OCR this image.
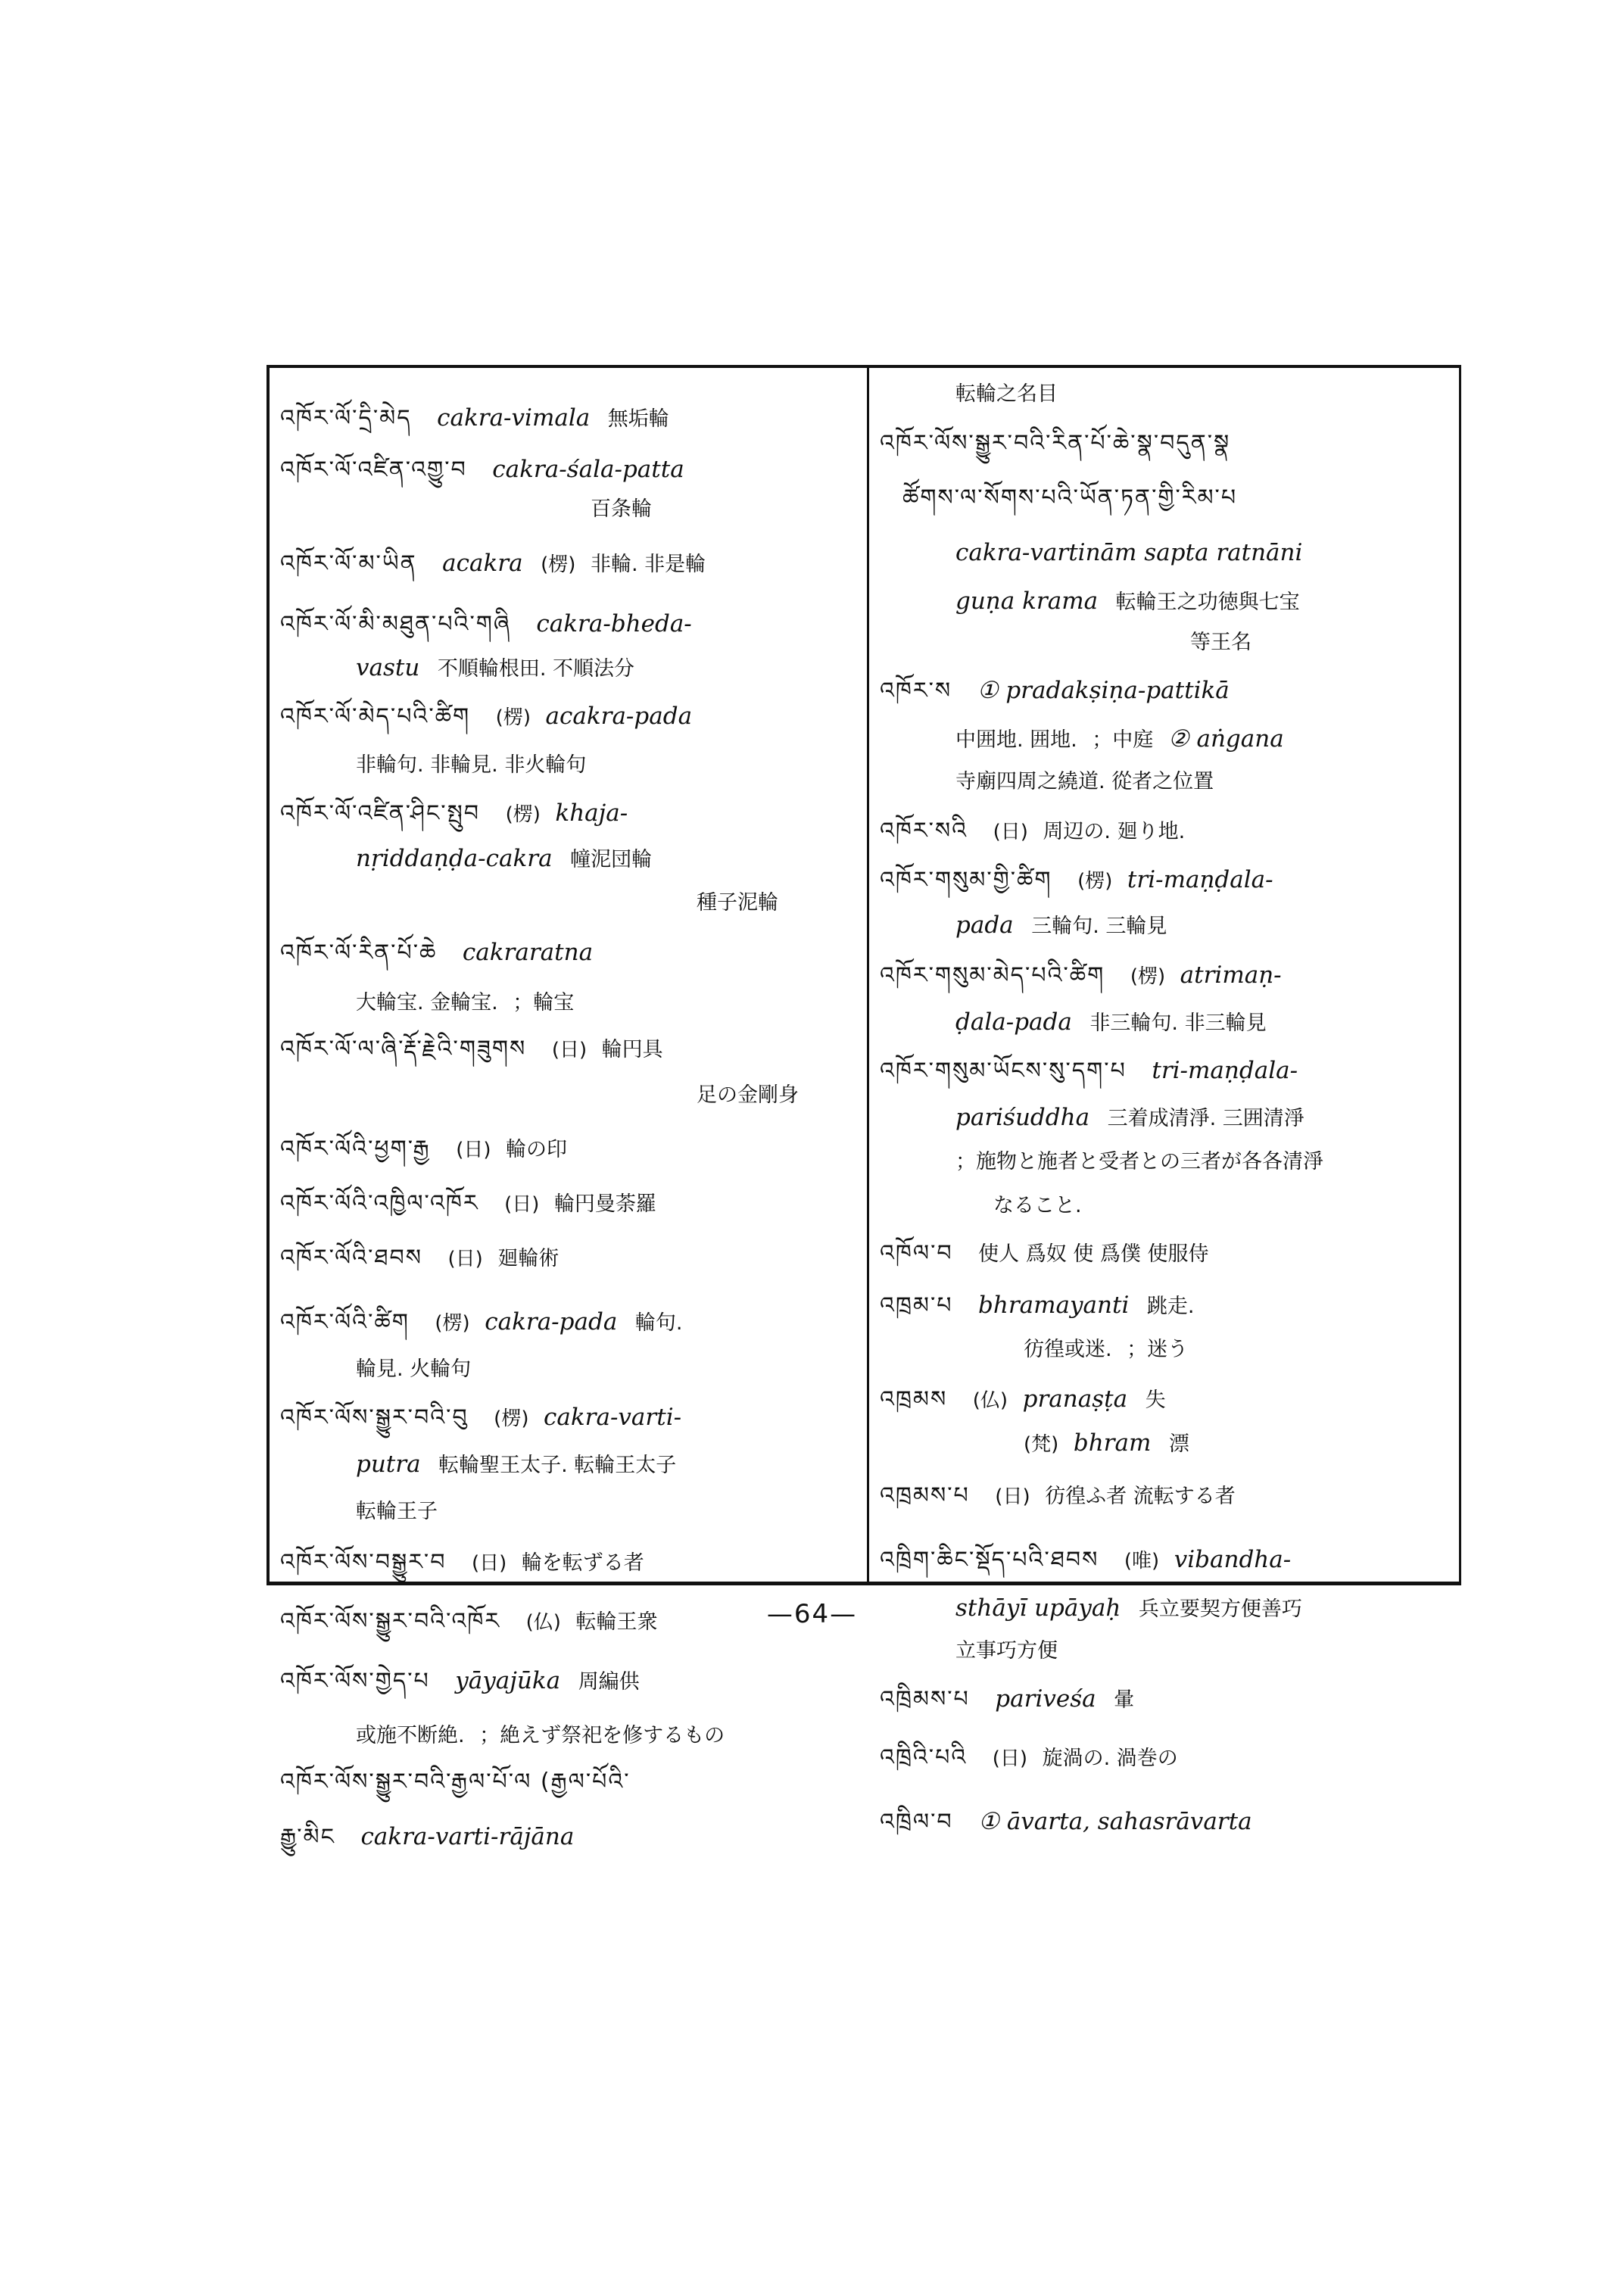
འཁོར་ལོ་དྲི་མེད cakra-vimala 無垢輪
འཁོར་ལོ་འཛིན་འགྱུ་བ cakra-śala-patta
百条輪
འཁོར་ལོ་མ་ཡིན acakra (楞) 非輪. 非是輪
འཁོར་ལོ་མི་མཐུན་པའི་གཞི cakra-bheda-
vastu 不順輪根田. 不順法分
འཁོར་ལོ་མེད་པའི་ཚིག (楞) acakra-pada
非輪句. 非輪見. 非火輪句
འཁོར་ལོ་འཛིན་ཤིང་སྤུབ (楞) khaja-
nṛiddaṇḍa-cakra 幢泥団輪
種子泥輪
འཁོར་ལོ་རིན་པོ་ཆེ cakraratna
大輪宝. 金輪宝. ；輪宝
འཁོར་ལོ་ལ་ཞི་རྡོ་རྗེའི་གཟུགས (日) 輪円具
足の金剛身
འཁོར་ལོའི་ཕྱག་རྒྱ (日) 輪の印
འཁོར་ལོའི་འཁྱིལ་འཁོར (日) 輪円曼荼羅
འཁོར་ལོའི་ཐབས (日) 廻輪術
འཁོར་ལོའི་ཚིག (楞) cakra-pada 輪句.
輪見. 火輪句
འཁོར་ལོས་སྒྱུར་བའི་བུ (楞) cakra-varti-
putra 転輪聖王太子. 転輪王太子
転輪王子
འཁོར་ལོས་བསྒྱུར་བ (日) 輪を転ずる者
འཁོར་ལོས་སྒྱུར་བའི་འཁོར (仏) 転輪王衆
འཁོར་ལོས་གྱེད་པ yāyajūka 周編供
或施不断絶. ；絶えず祭祀を修するもの
འཁོར་ལོས་སྒྱུར་བའི་རྒྱལ་པོ་ལ (རྒྱལ་པོའི་
རྒྱུ་མིང cakra-varti-rājāna
転輪之名目
འཁོར་ལོས་སྒྱུར་བའི་རིན་པོ་ཆེ་སྣ་བདུན་སྣ
ཚོགས་ལ་སོགས་པའི་ཡོན་ཏན་གྱི་རིམ་པ
cakra-vartinām sapta ratnāni
guṇa krama 転輪王之功徳與七宝
等王名
འཁོར་ས ① pradakṣiṇa-pattikā
中囲地. 囲地. ；中庭 ② aṅgana
寺廟四周之繞道. 從者之位置
འཁོར་སའི (日) 周辺の. 廻り地.
འཁོར་གསུམ་གྱི་ཚིག (楞) tri-maṇḍala-
pada 三輪句. 三輪見
འཁོར་གསུམ་མེད་པའི་ཚིག (楞) atrimaṇ-
ḍala-pada 非三輪句. 非三輪見
འཁོར་གསུམ་ཡོངས་སུ་དག་པ tri-maṇḍala-
pariśuddha 三着成清淨. 三囲清淨
；施物と施者と受者との三者が各各清淨
なること.
འཁོལ་བ 使人 爲奴 使 爲僕 使服侍
འཁྲམ་པ bhramayanti 跳走.
彷徨或迷. ；迷う
འཁྲམས (仏) pranaṣṭa 失
(梵) bhram 漂
འཁྲམས་པ (日) 彷徨ふ者 流転する者
འཁྲིག་ཆིང་སྡོད་པའི་ཐབས (唯) vibandha-
sthāyī upāyaḥ 兵立要契方便善巧
立事巧方便
འཁྲིམས་པ pariveśa 暈
འཁྲིའི་པའི (日) 旋渦の. 渦巻の
འཁྲིལ་བ ① āvarta, sahasrāvarta
—64—
